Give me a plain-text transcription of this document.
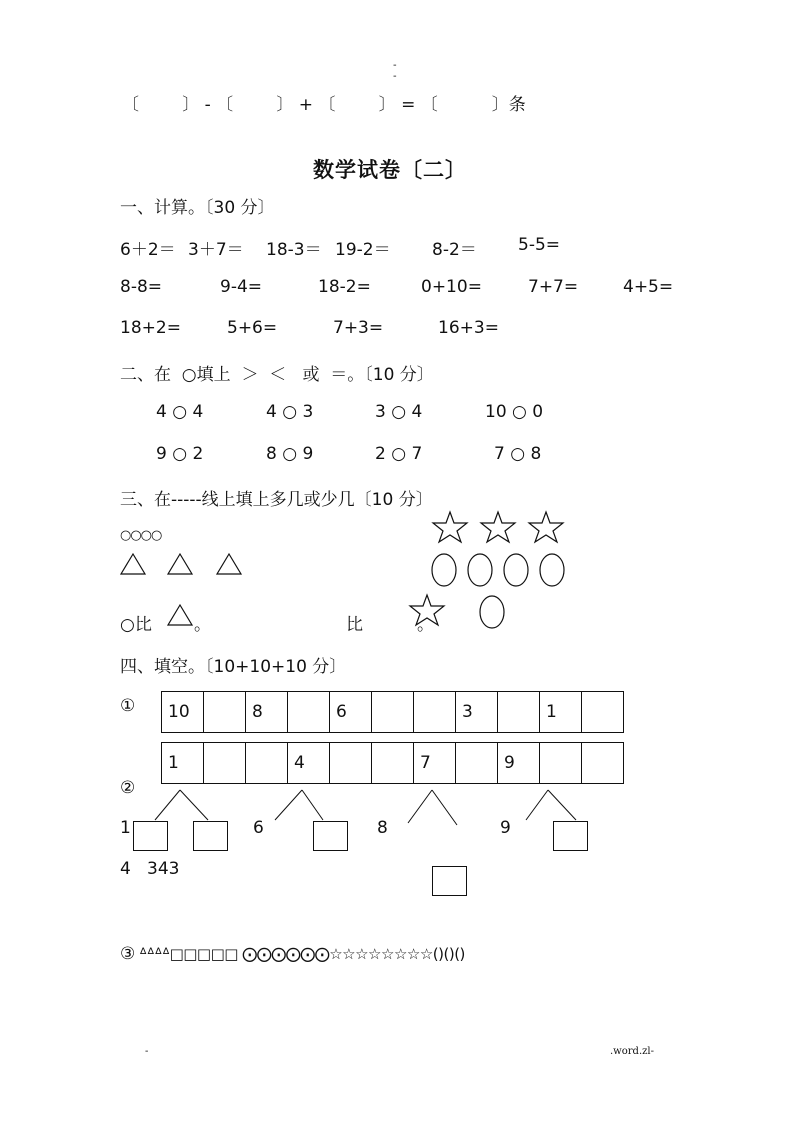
-
-
〔        〕 - 〔        〕 + 〔        〕 = 〔          〕条
数学试卷〔二〕
一、计算。〔30 分〕
6＋2＝ 3＋7＝ 18-3＝ 19-2＝ 8-2＝ 5-5=
8-8=	9-4=	18-2=	0+10=	7+7=	4+5=
18+2=	5+6=	7+3=	16+3=
二、在  ○填上  ＞  ＜   或  ＝。〔10 分〕
4 ○ 4	4 ○ 3	3 ○ 4	10 ○ 0
9 ○ 2	8 ○ 9	2 ○ 7	7 ○ 8
三、在-----线上填上多几或少几〔10 分〕
○○○○
○比 。	比	。
四、填空。〔10+10+10 分〕
① 10		8		6			3		1	
1			4			7		9		
②
1	6	8	9
4   343
③ ᐞᐞᐞᐞ□□□□□ ⨀⨀⨀⨀⨀⨀☆☆☆☆☆☆☆☆()()()
-	.word.zl-
